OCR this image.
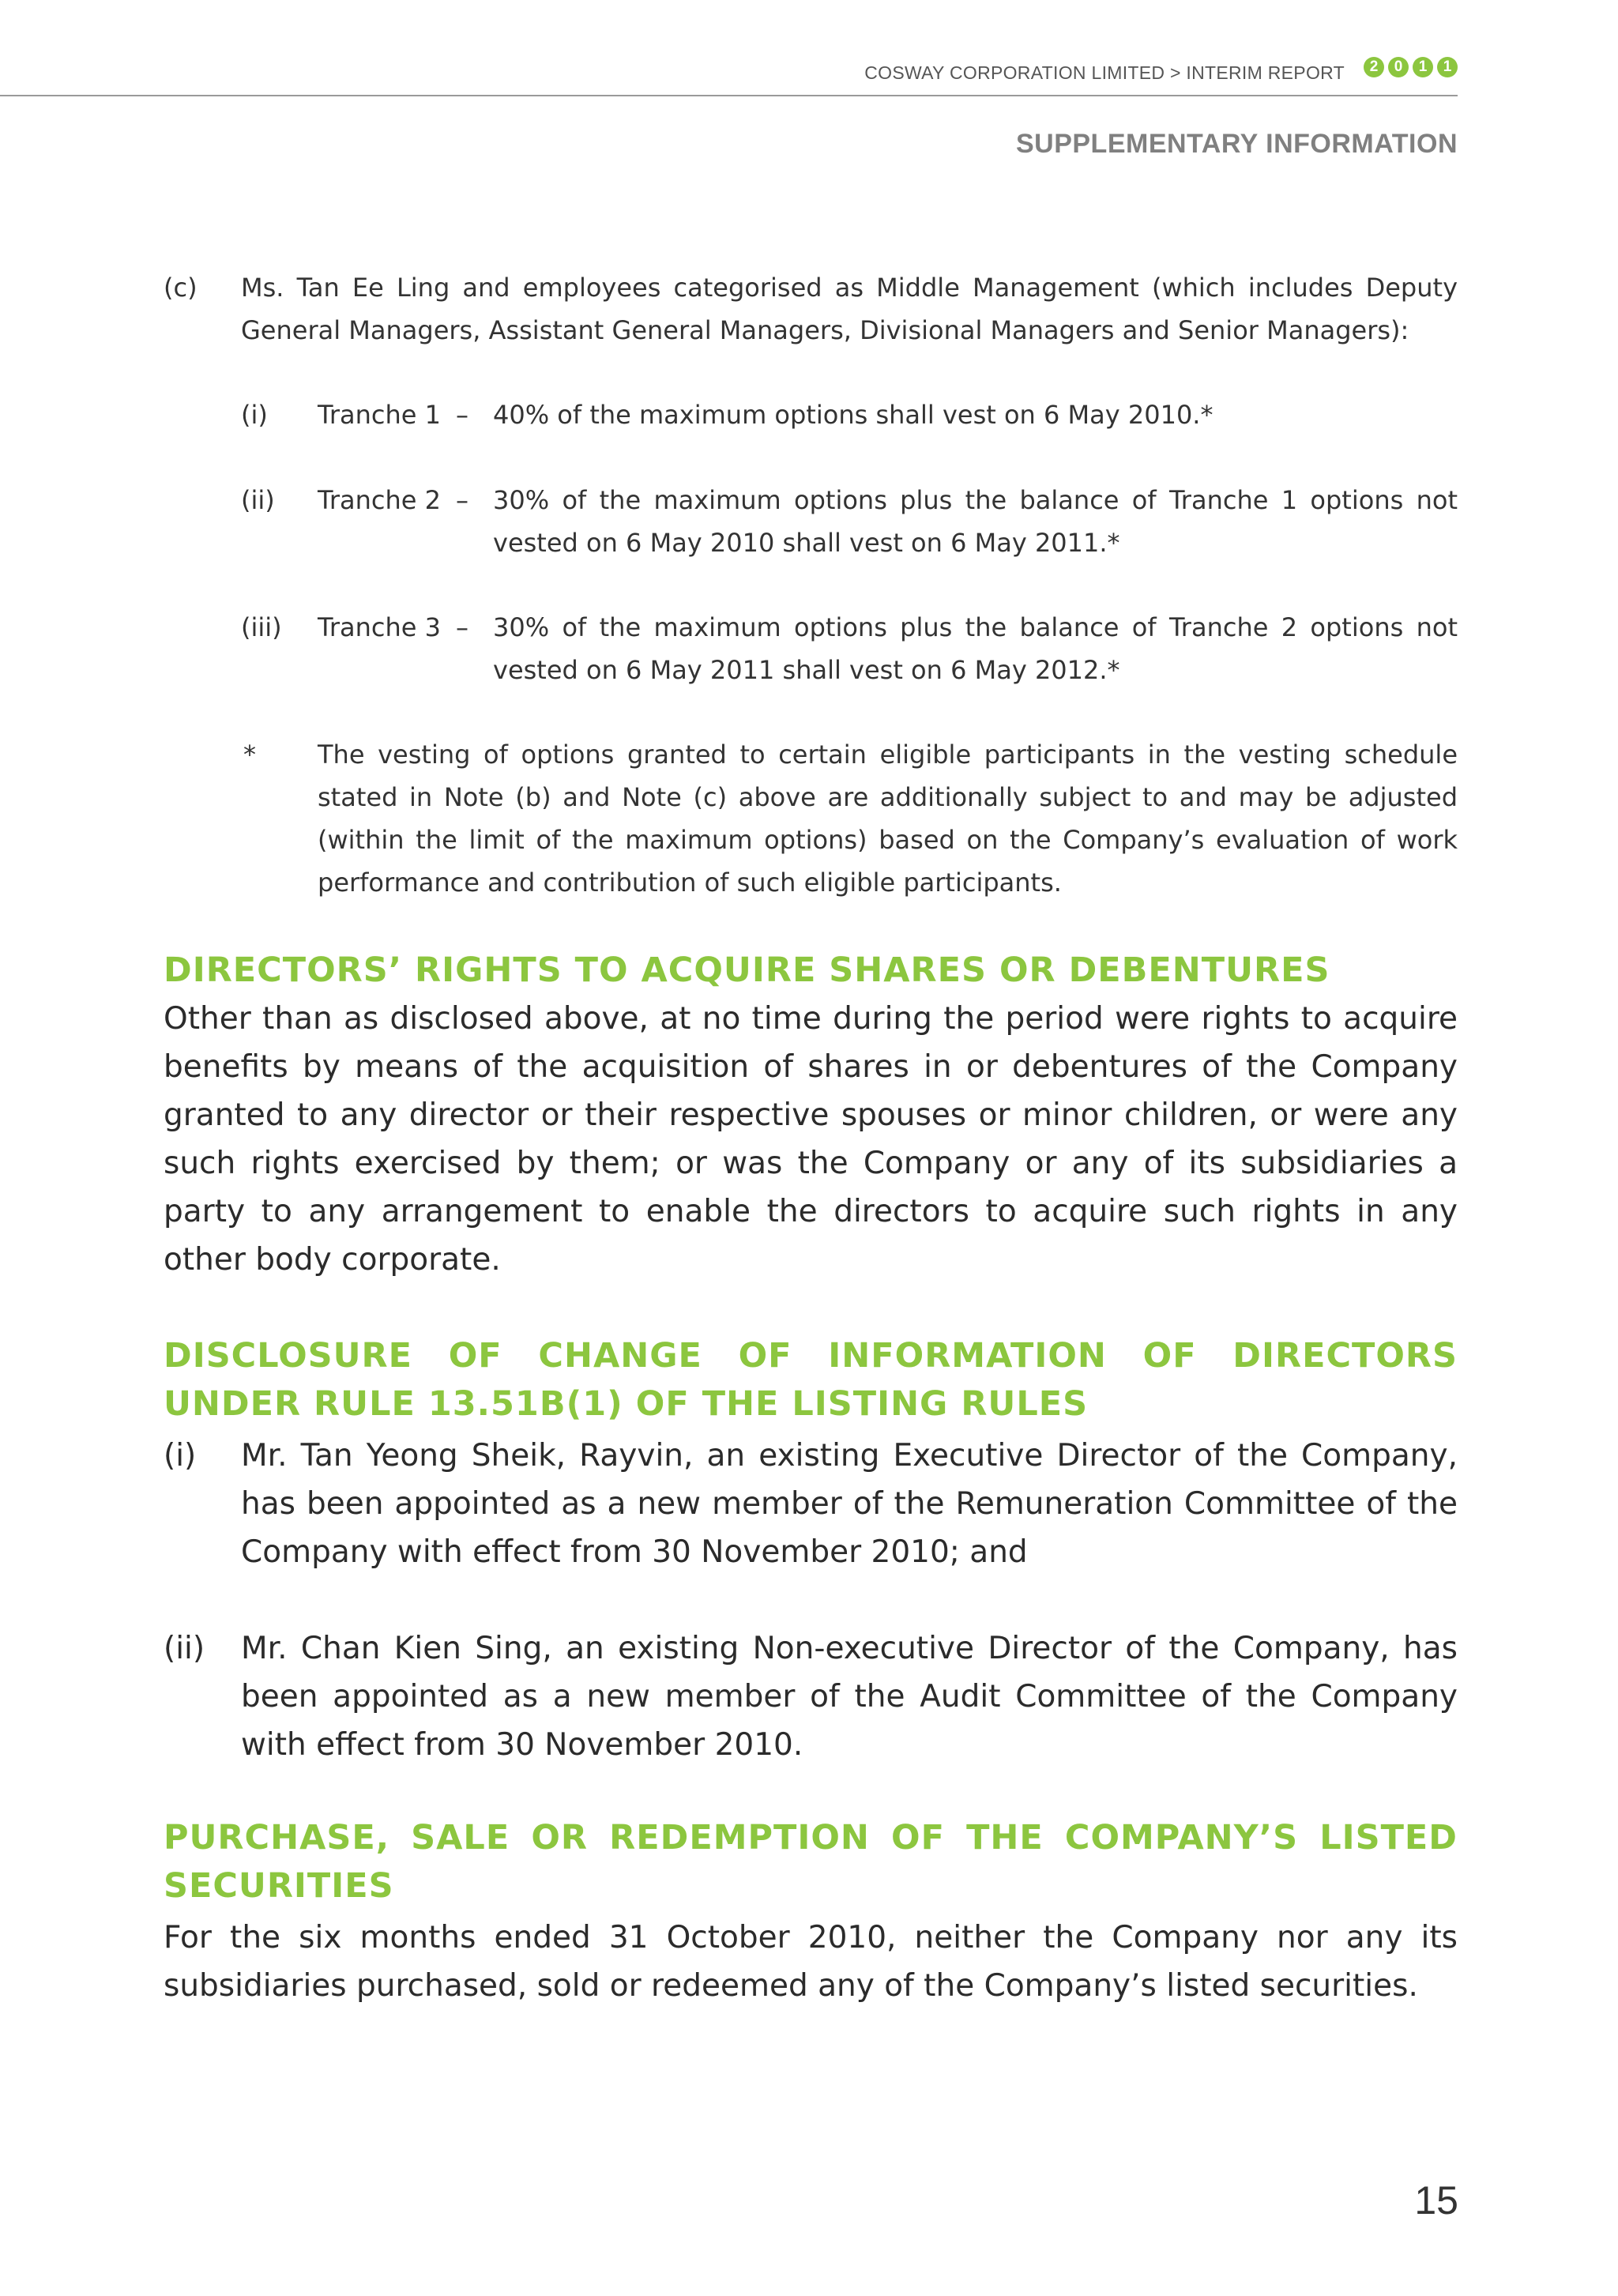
COSWAY CORPORATION LIMITED > INTERIM REPORT	2	0	1	1
SUPPLEMENTARY INFORMATION
(c) Ms. Tan Ee Ling and employees categorised as Middle Management (which includes Deputy General Managers, Assistant General Managers, Divisional Managers and Senior Managers):
(i) Tranche 1 – 40% of the maximum options shall vest on 6 May 2010.*
(ii) Tranche 2 – 30% of the maximum options plus the balance of Tranche 1 options not vested on 6 May 2010 shall vest on 6 May 2011.*
(iii) Tranche 3 – 30% of the maximum options plus the balance of Tranche 2 options not vested on 6 May 2011 shall vest on 6 May 2012.*
* The vesting of options granted to certain eligible participants in the vesting schedule stated in Note (b) and Note (c) above are additionally subject to and may be adjusted (within the limit of the maximum options) based on the Company’s evaluation of work performance and contribution of such eligible participants.
DIRECTORS’ RIGHTS TO ACQUIRE SHARES OR DEBENTURES
Other than as disclosed above, at no time during the period were rights to acquire benefits by means of the acquisition of shares in or debentures of the Company granted to any director or their respective spouses or minor children, or were any such rights exercised by them; or was the Company or any of its subsidiaries a party to any arrangement to enable the directors to acquire such rights in any other body corporate.
DISCLOSURE OF CHANGE OF INFORMATION OF DIRECTORS UNDER RULE 13.51B(1) OF THE LISTING RULES
(i) Mr. Tan Yeong Sheik, Rayvin, an existing Executive Director of the Company, has been appointed as a new member of the Remuneration Committee of the Company with effect from 30 November 2010; and
(ii) Mr. Chan Kien Sing, an existing Non-executive Director of the Company, has been appointed as a new member of the Audit Committee of the Company with effect from 30 November 2010.
PURCHASE, SALE OR REDEMPTION OF THE COMPANY’S LISTED SECURITIES
For the six months ended 31 October 2010, neither the Company nor any its subsidiaries purchased, sold or redeemed any of the Company’s listed securities.
15
